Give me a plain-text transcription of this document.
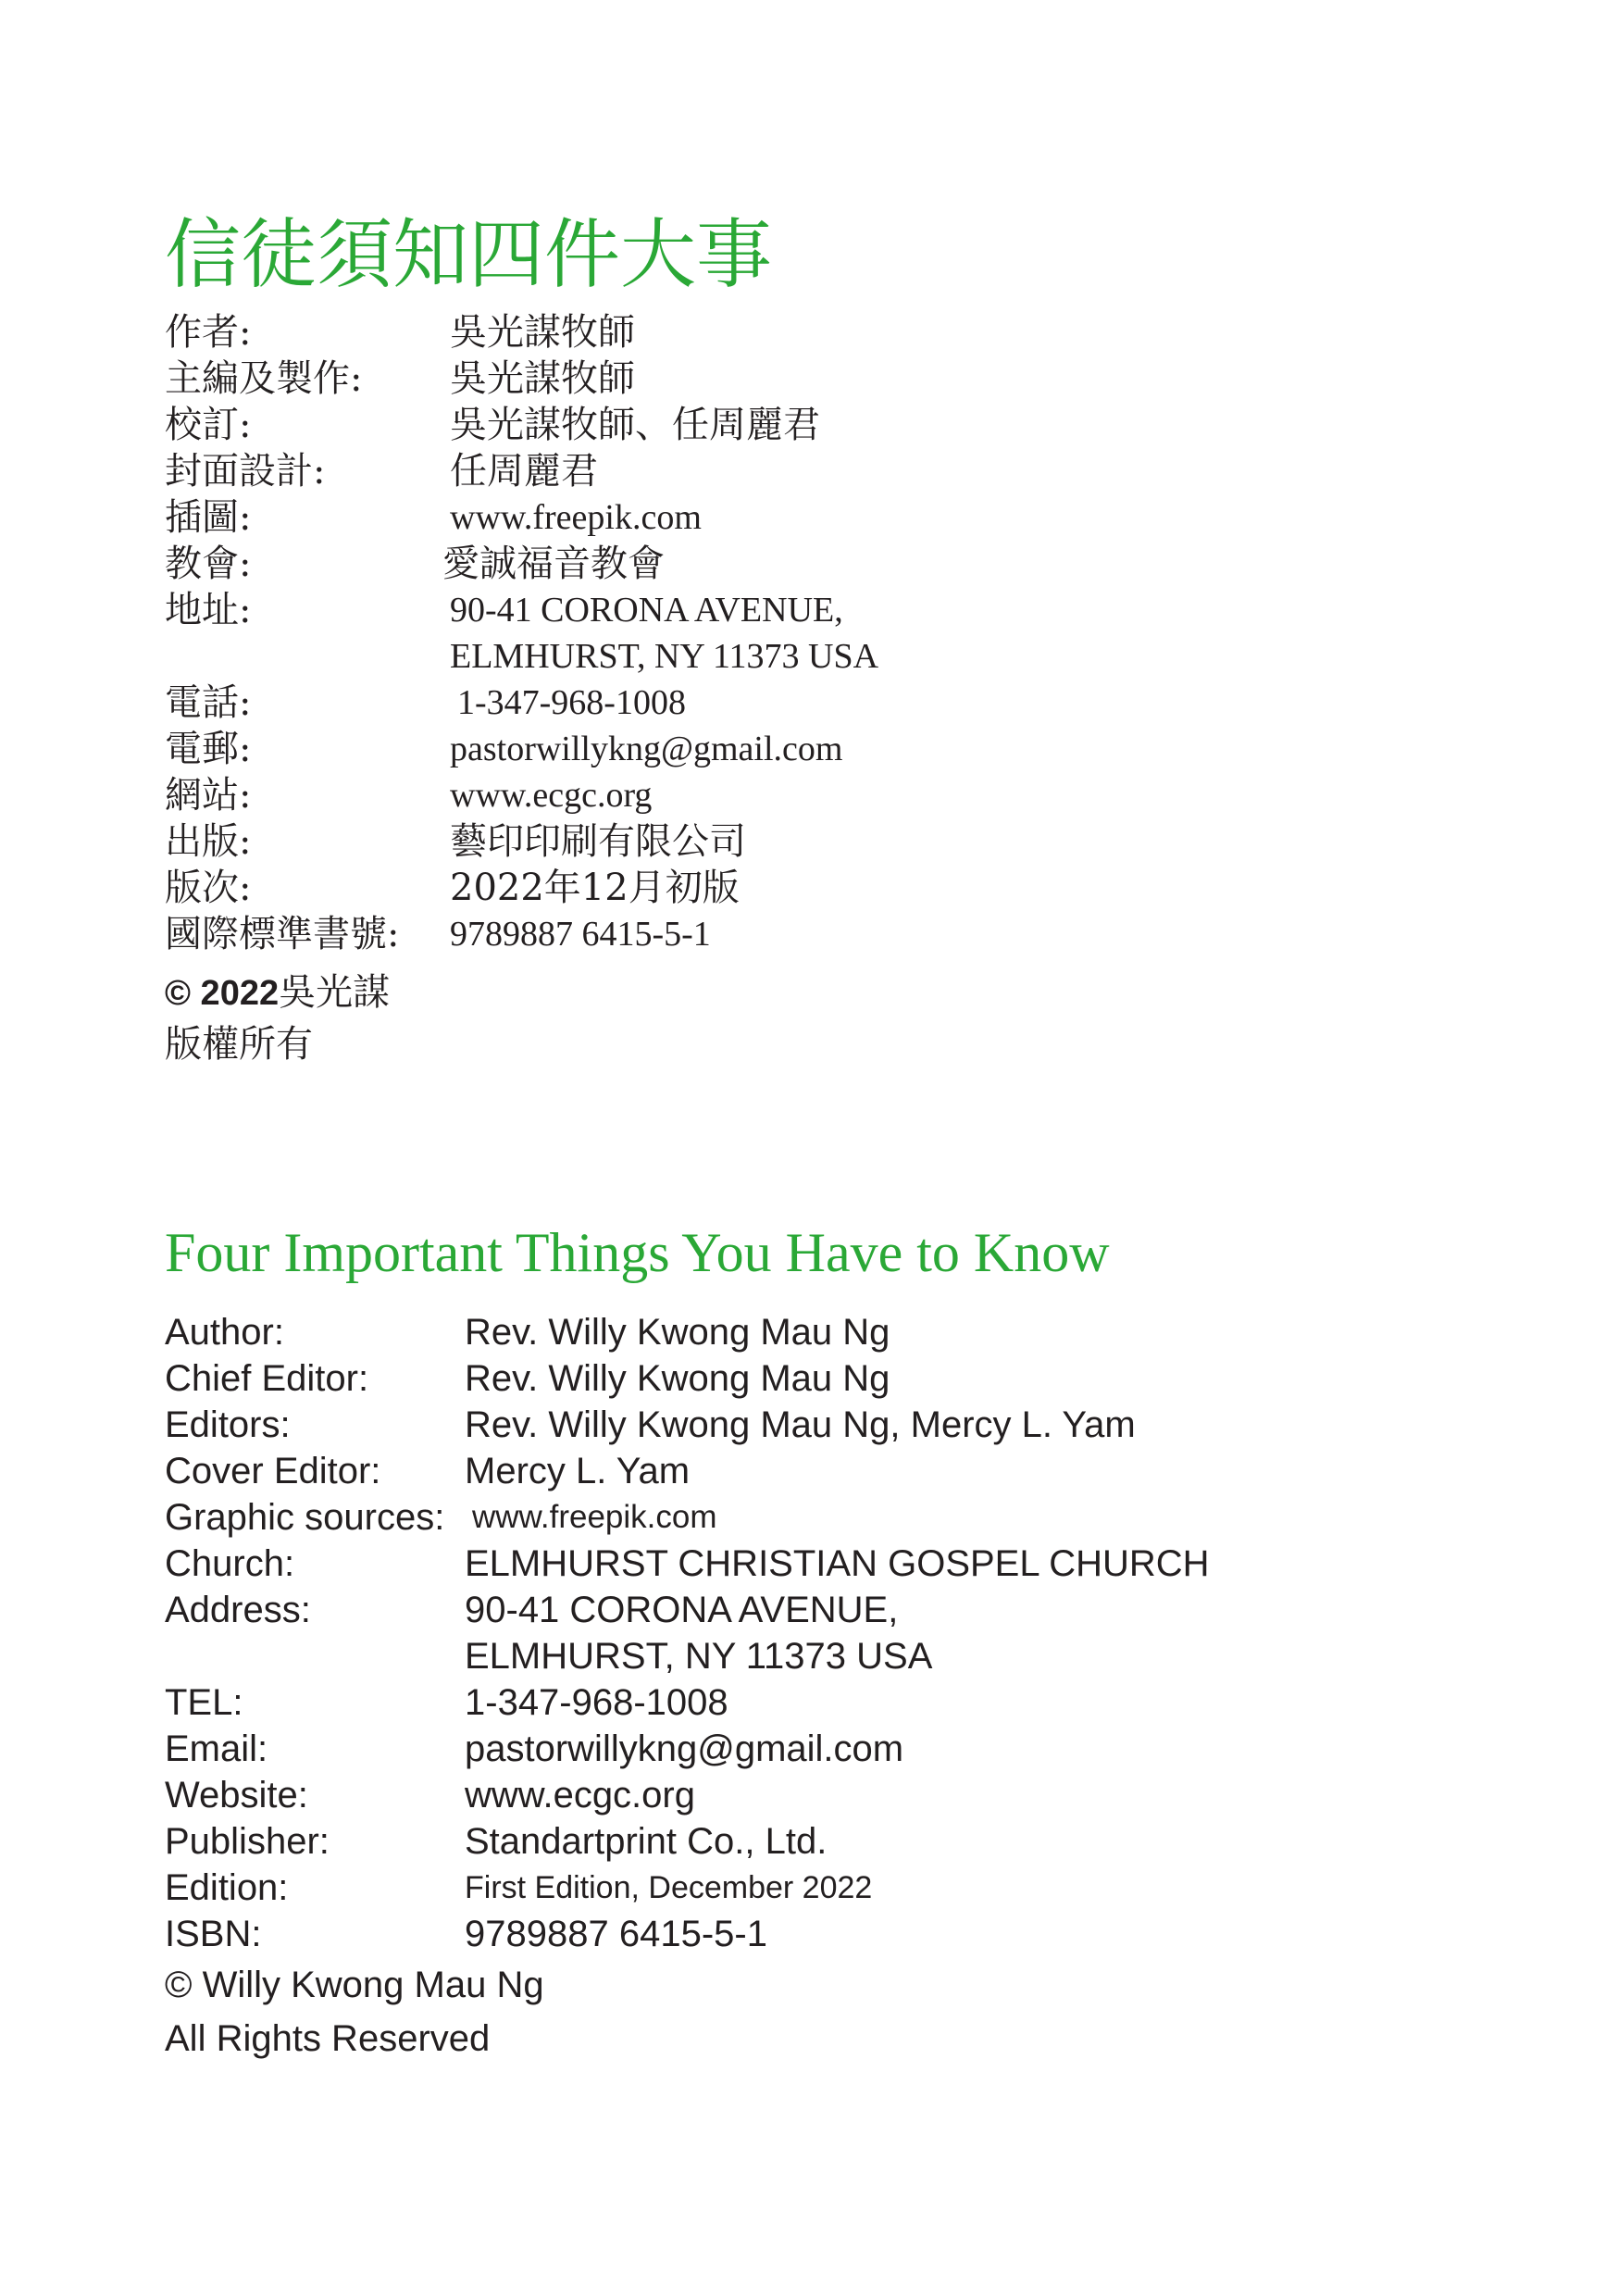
信徒須知四件大事
作者:	吳光謀牧師
主編及製作:	吳光謀牧師
校訂:	吳光謀牧師、任周麗君
封面設計:	任周麗君
插圖:	www.freepik.com
教會:	愛誠福音教會
地址:	90-41 CORONA AVENUE,
ELMHURST, NY 11373 USA
電話:	1-347-968-1008
電郵:	pastorwillykng@gmail.com
網站:	www.ecgc.org
出版:	藝印印刷有限公司
版次:	2022年12月初版
國際標準書號:	9789887 6415-5-1
© 2022吳光謀
版權所有
Four Important Things You Have to Know
Author:	Rev. Willy Kwong Mau Ng
Chief Editor:	Rev. Willy Kwong Mau Ng
Editors:	Rev. Willy Kwong Mau Ng, Mercy L. Yam
Cover Editor:	Mercy L. Yam
Graphic sources: www.freepik.com
Church:	ELMHURST CHRISTIAN GOSPEL CHURCH
Address:	90-41 CORONA AVENUE,
ELMHURST, NY 11373 USA
TEL:	1-347-968-1008
Email:	pastorwillykng@gmail.com
Website:	www.ecgc.org
Publisher:	Standartprint Co., Ltd.
Edition:	First Edition, December 2022
ISBN:	9789887 6415-5-1
© Willy Kwong Mau Ng
All Rights Reserved
